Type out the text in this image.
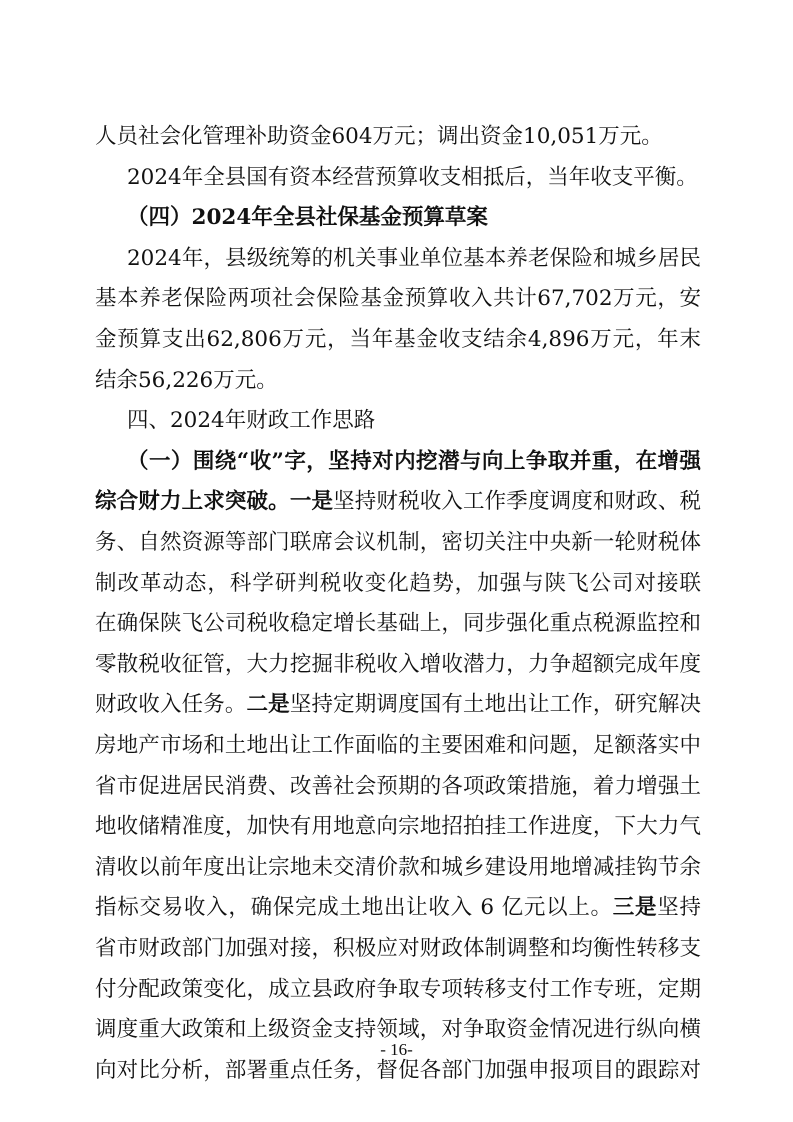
人员社会化管理补助资金604万元；调出资金10,051万元。
2024年全县国有资本经营预算收支相抵后，当年收支平衡。
（四）2024年全县社保基金预算草案
2024年，县级统筹的机关事业单位基本养老保险和城乡居民
基本养老保险两项社会保险基金预算收入共计67,702万元，安
金预算支出62,806万元，当年基金收支结余4,896万元，年末
结余56,226万元。
四、2024年财政工作思路
（一）围绕“收”字，坚持对内挖潜与向上争取并重，在增强
综合财力上求突破。一是坚持财税收入工作季度调度和财政、税
务、自然资源等部门联席会议机制，密切关注中央新一轮财税体
制改革动态，科学研判税收变化趋势，加强与陕飞公司对接联
在确保陕飞公司税收稳定增长基础上，同步强化重点税源监控和
零散税收征管，大力挖掘非税收入增收潜力，力争超额完成年度
财政收入任务。二是坚持定期调度国有土地出让工作，研究解决
房地产市场和土地出让工作面临的主要困难和问题，足额落实中
省市促进居民消费、改善社会预期的各项政策措施，着力增强土
地收储精准度，加快有用地意向宗地招拍挂工作进度，下大力气
清收以前年度出让宗地未交清价款和城乡建设用地增减挂钩节余
指标交易收入，确保完成土地出让收入 6 亿元以上。三是坚持
省市财政部门加强对接，积极应对财政体制调整和均衡性转移支
付分配政策变化，成立县政府争取专项转移支付工作专班，定期
调度重大政策和上级资金支持领域，对争取资金情况进行纵向横
向对比分析，部署重点任务，督促各部门加强申报项目的跟踪对
- 16-
